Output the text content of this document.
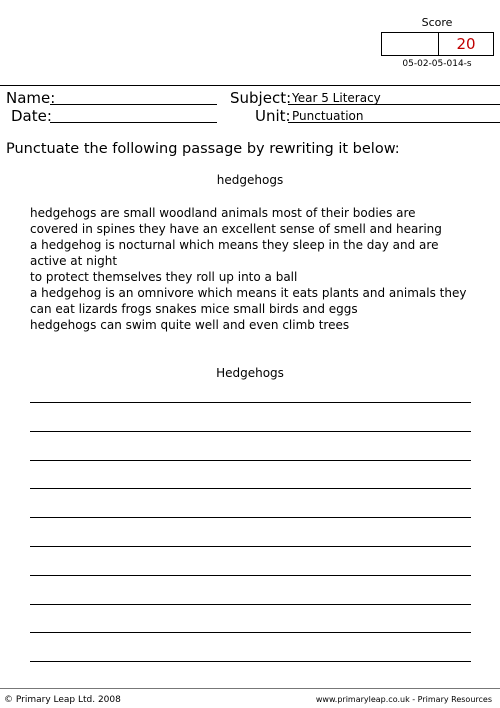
Score
20
05-02-05-014-s
Name:
Date:
Subject: Year 5 Literacy
Unit: Punctuation
Punctuate the following passage by rewriting it below:
hedgehogs
hedgehogs are small woodland animals most of their bodies are
covered in spines they have an excellent sense of smell and hearing
a hedgehog is nocturnal which means they sleep in the day and are
active at night
to protect themselves they roll up into a ball
a hedgehog is an omnivore which means it eats plants and animals they
can eat lizards frogs snakes mice small birds and eggs
hedgehogs can swim quite well and even climb trees
Hedgehogs
© Primary Leap Ltd. 2008	www.primaryleap.co.uk - Primary Resources
